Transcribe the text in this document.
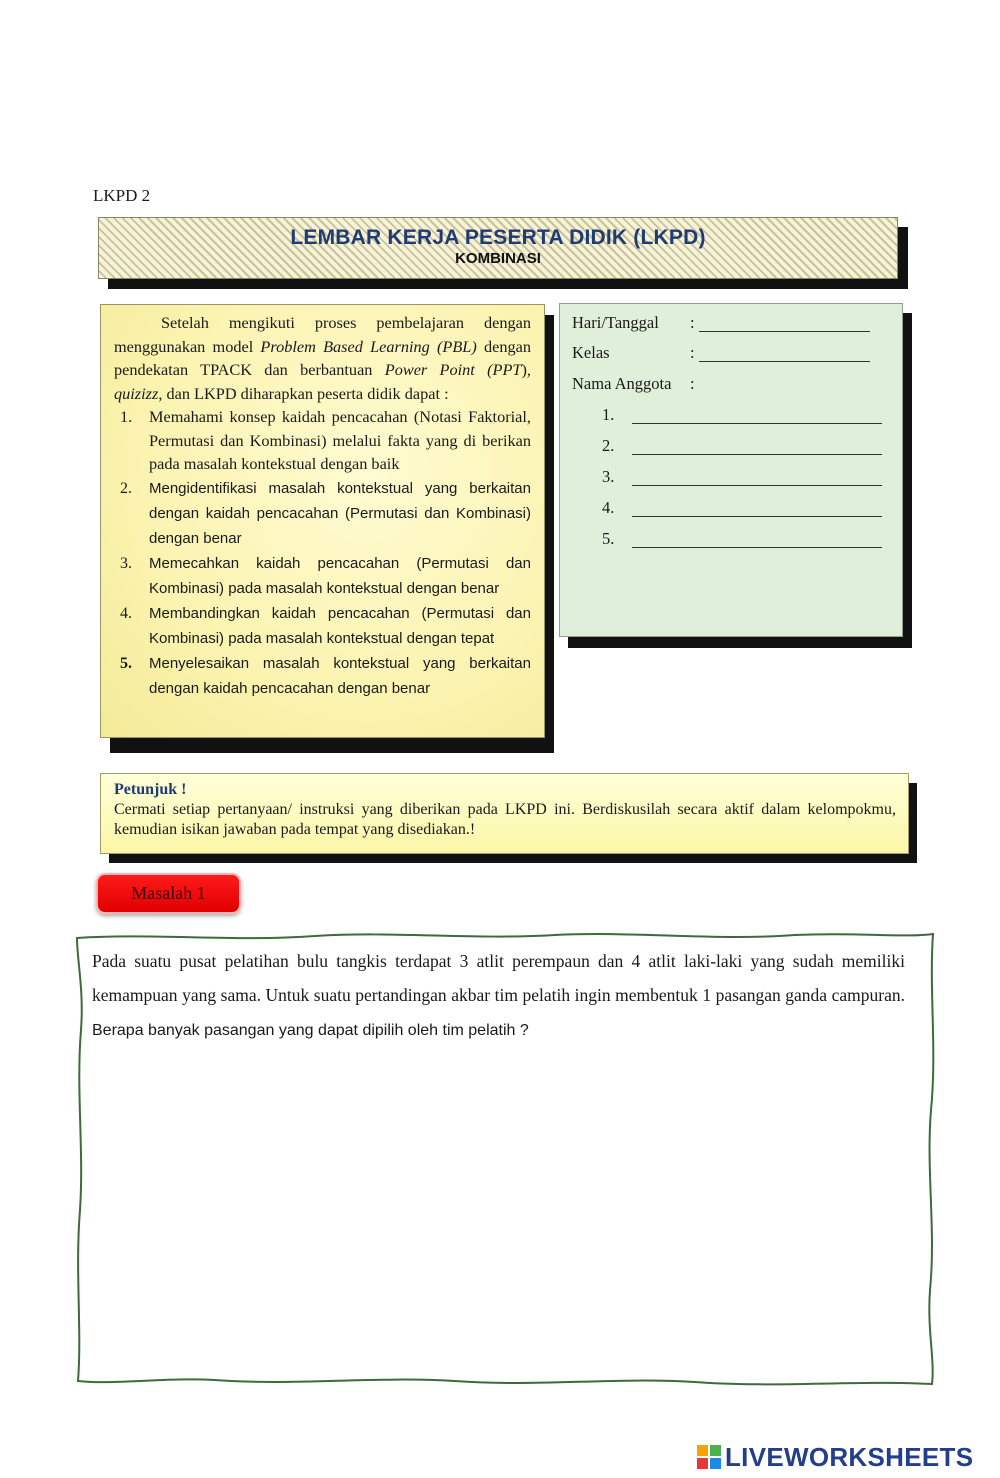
LKPD 2
LEMBAR KERJA PESERTA DIDIK (LKPD)
KOMBINASI

Setelah mengikuti proses pembelajaran dengan menggunakan model Problem Based Learning (PBL) dengan pendekatan TPACK dan berbantuan Power Point (PPT), quizizz, dan LKPD diharapkan peserta didik dapat :

1. Memahami konsep kaidah pencacahan (Notasi Faktorial, Permutasi dan Kombinasi) melalui fakta yang di berikan pada masalah kontekstual dengan baik
2. Mengidentifikasi masalah kontekstual yang berkaitan dengan kaidah pencacahan (Permutasi dan Kombinasi) dengan benar
3. Memecahkan kaidah pencacahan (Permutasi dan Kombinasi) pada masalah kontekstual dengan benar
4. Membandingkan kaidah pencacahan (Permutasi dan Kombinasi) pada masalah kontekstual dengan tepat
5. Menyelesaikan masalah kontekstual yang berkaitan dengan kaidah pencacahan dengan benar
Hari/Tanggal :
Kelas	:
Nama Anggota :
1.
2.
3.
4.
5.
Petunjuk !
Cermati setiap pertanyaan/ instruksi yang diberikan pada LKPD ini. Berdiskusilah secara aktif dalam kelompokmu, kemudian isikan jawaban pada tempat yang disediakan.!
Masalah 1

Pada suatu pusat pelatihan bulu tangkis terdapat 3 atlit perempaun dan 4 atlit laki-laki yang sudah memiliki kemampuan yang sama. Untuk suatu pertandingan akbar tim pelatih ingin membentuk 1 pasangan ganda campuran. Berapa banyak pasangan yang dapat dipilih oleh tim pelatih ?

LIVEWORKSHEETS
